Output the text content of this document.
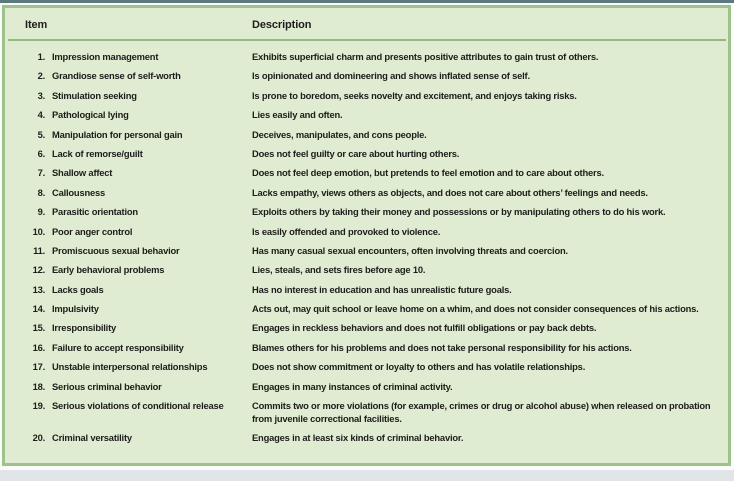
Item	Description
1. Impression management	Exhibits superficial charm and presents positive attributes to gain trust of others.
2. Grandiose sense of self-worth	Is opinionated and domineering and shows inflated sense of self.
3. Stimulation seeking	Is prone to boredom, seeks novelty and excitement, and enjoys taking risks.
4. Pathological lying	Lies easily and often.
5. Manipulation for personal gain	Deceives, manipulates, and cons people.
6. Lack of remorse/guilt	Does not feel guilty or care about hurting others.
7. Shallow affect	Does not feel deep emotion, but pretends to feel emotion and to care about others.
8. Callousness	Lacks empathy, views others as objects, and does not care about others’ feelings and needs.
9. Parasitic orientation	Exploits others by taking their money and possessions or by manipulating others to do his work.
10. Poor anger control	Is easily offended and provoked to violence.
11. Promiscuous sexual behavior	Has many casual sexual encounters, often involving threats and coercion.
12. Early behavioral problems	Lies, steals, and sets fires before age 10.
13. Lacks goals	Has no interest in education and has unrealistic future goals.
14. Impulsivity	Acts out, may quit school or leave home on a whim, and does not consider consequences of his actions.
15. Irresponsibility	Engages in reckless behaviors and does not fulfill obligations or pay back debts.
16. Failure to accept responsibility	Blames others for his problems and does not take personal responsibility for his actions.
17. Unstable interpersonal relationships	Does not show commitment or loyalty to others and has volatile relationships.
18. Serious criminal behavior	Engages in many instances of criminal activity.
19. Serious violations of conditional release	Commits two or more violations (for example, crimes or drug or alcohol abuse) when released on probation from juvenile correctional facilities.
20. Criminal versatility	Engages in at least six kinds of criminal behavior.
